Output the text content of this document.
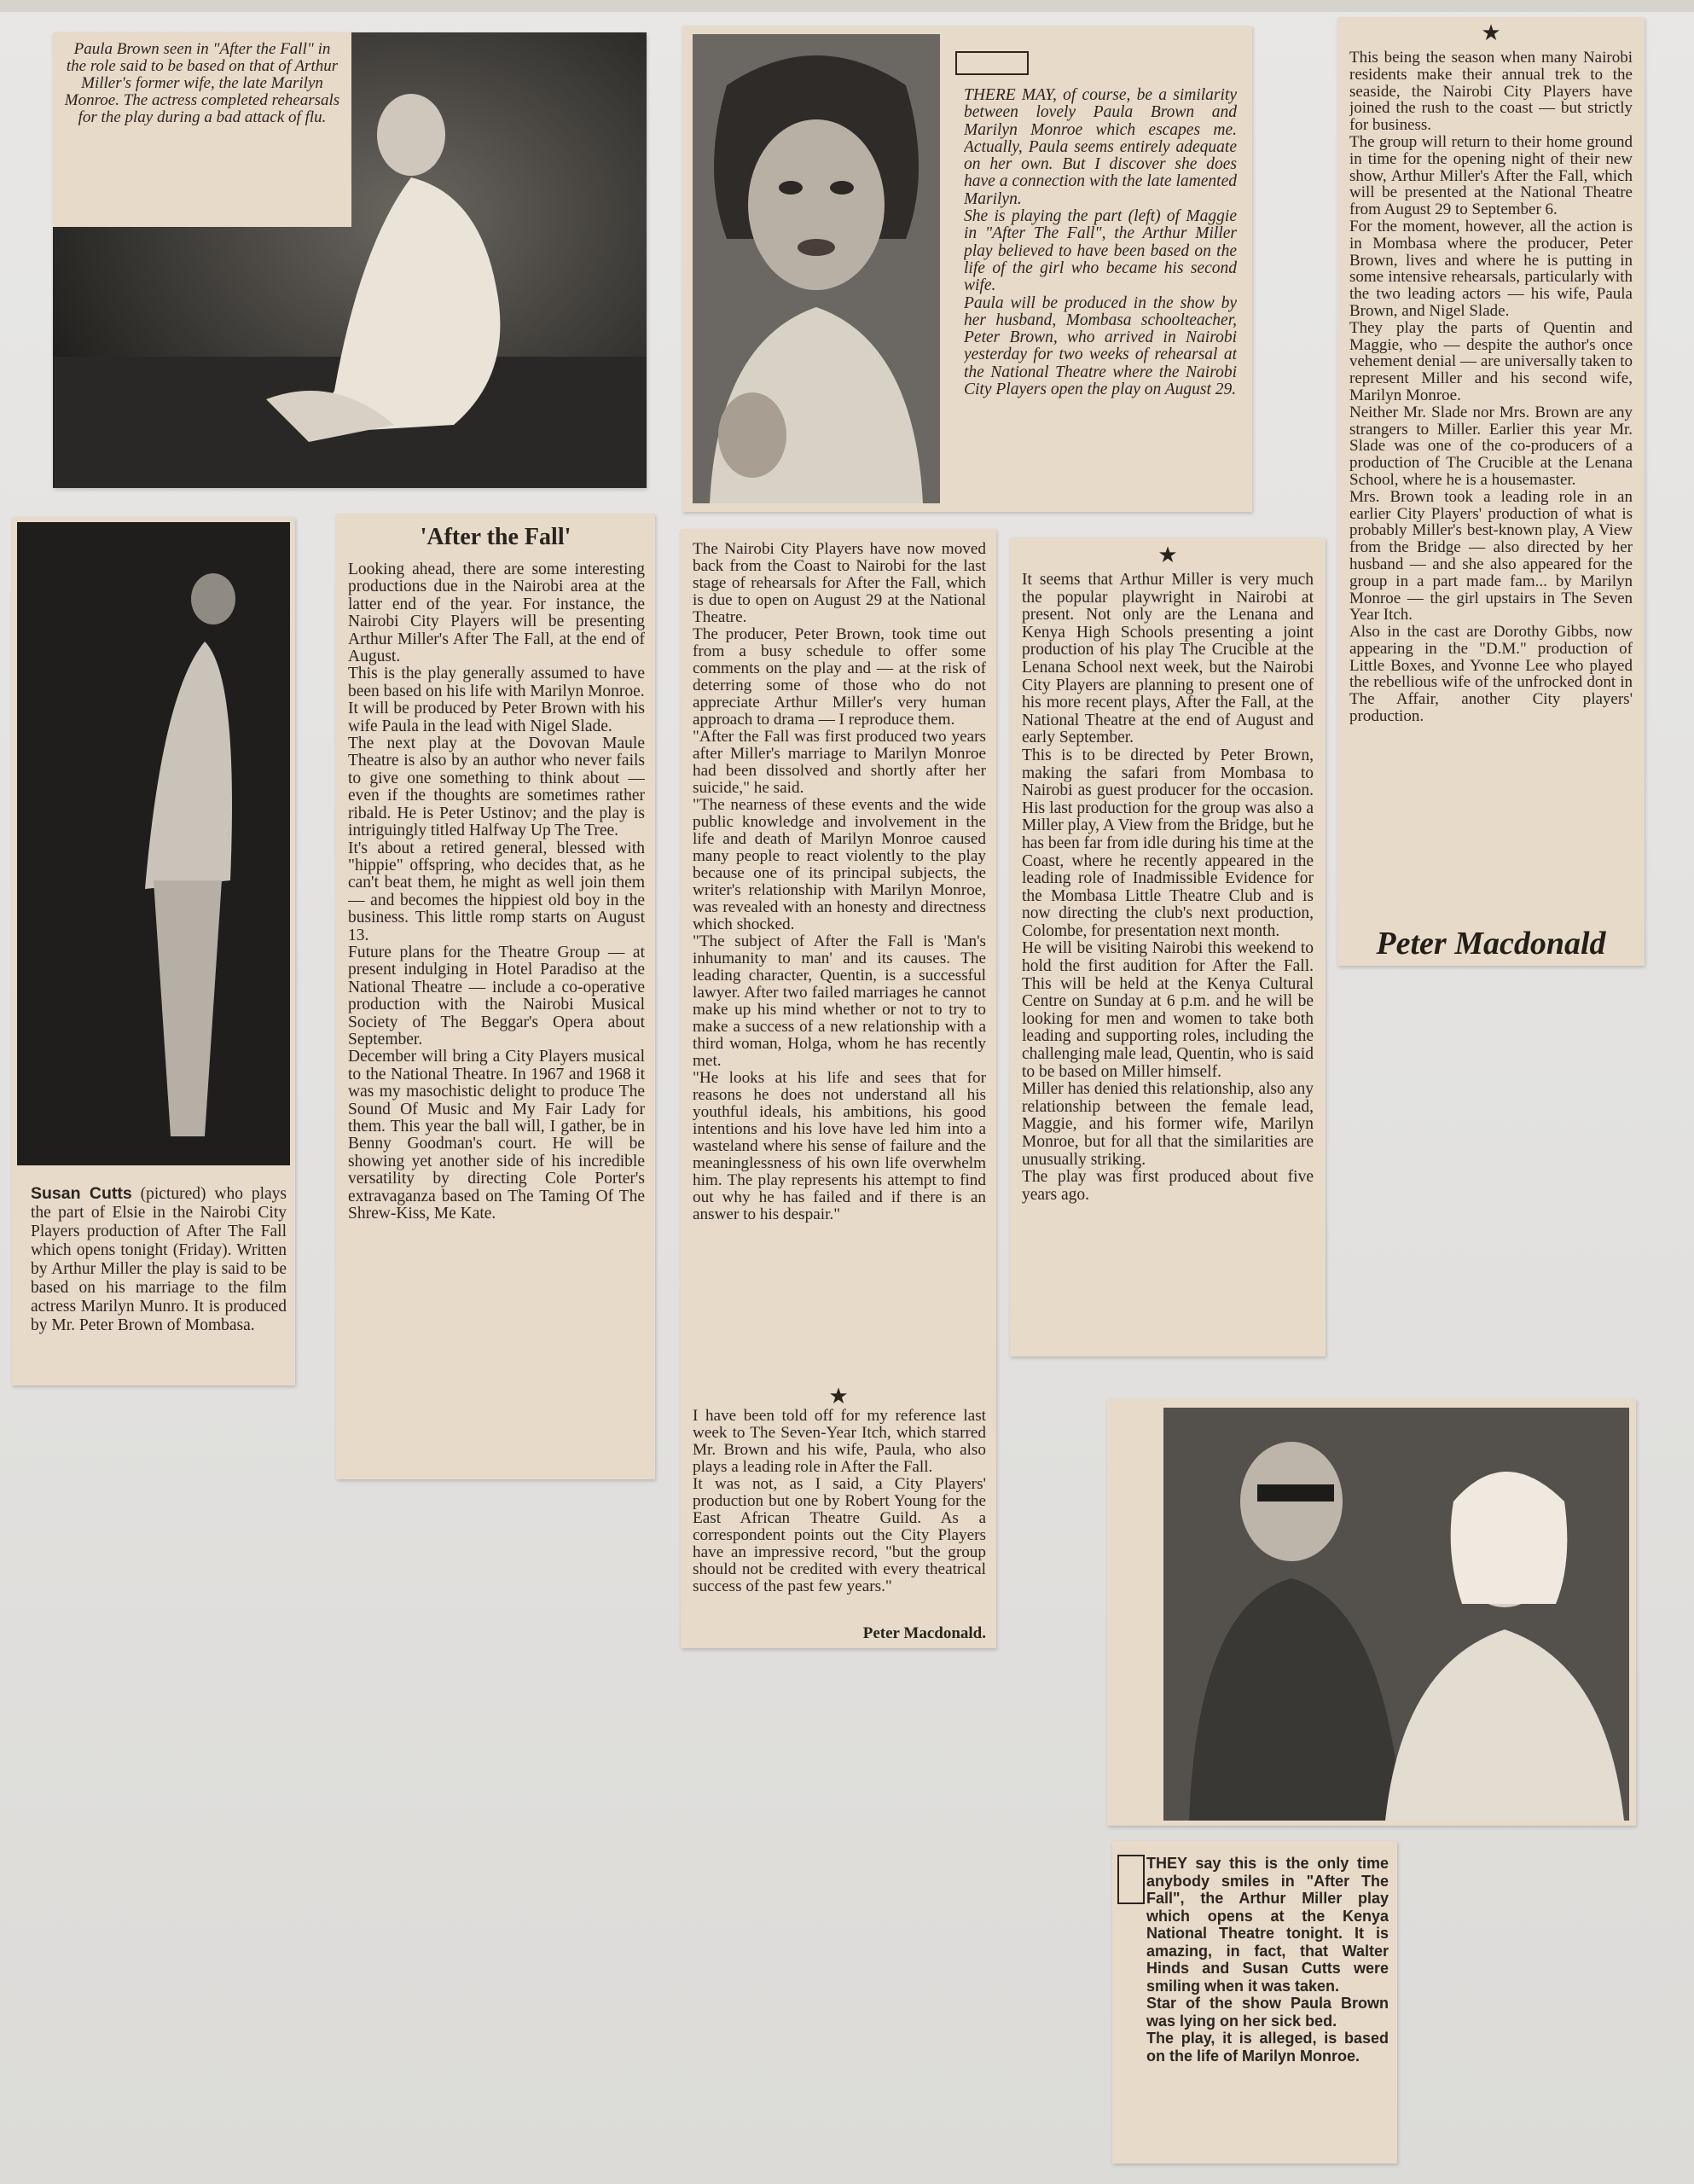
Paula Brown seen in "After the Fall" in the role said to be based on that of Arthur Miller's former wife, the late Marilyn Monroe. The actress completed rehearsals for the play during a bad attack of flu.
THERE MAY, of course, be a similarity between lovely Paula Brown and Marilyn Monroe which escapes me. Actually, Paula seems entirely adequate on her own. But I discover she does have a connection with the late lamented Marilyn.
She is playing the part (left) of Maggie in "After The Fall", the Arthur Miller play believed to have been based on the life of the girl who became his second wife.
Paula will be produced in the show by her husband, Mombasa schoolteacher, Peter Brown, who arrived in Nairobi yesterday for two weeks of rehearsal at the National Theatre where the Nairobi City Players open the play on August 29.
★
This being the season when many Nairobi residents make their annual trek to the seaside, the Nairobi City Players have joined the rush to the coast — but strictly for business.
The group will return to their home ground in time for the opening night of their new show, Arthur Miller's After the Fall, which will be presented at the National Theatre from August 29 to September 6.
For the moment, however, all the action is in Mombasa where the producer, Peter Brown, lives and where he is putting in some intensive rehearsals, particularly with the two leading actors — his wife, Paula Brown, and Nigel Slade.
They play the parts of Quentin and Maggie, who — despite the author's once vehement denial — are universally taken to represent Miller and his second wife, Marilyn Monroe.
Neither Mr. Slade nor Mrs. Brown are any strangers to Miller. Earlier this year Mr. Slade was one of the co-producers of a production of The Crucible at the Lenana School, where he is a housemaster.
Mrs. Brown took a leading role in an earlier City Players' production of what is probably Miller's best-known play, A View from the Bridge — also directed by her husband — and she also appeared for the group in a part made fam... by Marilyn Monroe — the girl upstairs in The Seven Year Itch.
Also in the cast are Dorothy Gibbs, now appearing in the "D.M." production of Little Boxes, and Yvonne Lee who played the rebellious wife of the unfrocked dont in The Affair, another City players' production.
Peter Macdonald
Susan Cutts (pictured) who plays the part of Elsie in the Nairobi City Players production of After The Fall which opens tonight (Friday). Written by Arthur Miller the play is said to be based on his marriage to the film actress Marilyn Munro. It is produced by Mr. Peter Brown of Mombasa.
'After the Fall'
Looking ahead, there are some interesting productions due in the Nairobi area at the latter end of the year. For instance, the Nairobi City Players will be presenting Arthur Miller's After The Fall, at the end of August.
This is the play generally assumed to have been based on his life with Marilyn Monroe.
It will be produced by Peter Brown with his wife Paula in the lead with Nigel Slade.
The next play at the Dovovan Maule Theatre is also by an author who never fails to give one something to think about — even if the thoughts are sometimes rather ribald. He is Peter Ustinov; and the play is intriguingly titled Halfway Up The Tree.
It's about a retired general, blessed with "hippie" offspring, who decides that, as he can't beat them, he might as well join them — and becomes the hippiest old boy in the business. This little romp starts on August 13.
Future plans for the Theatre Group — at present indulging in Hotel Paradiso at the National Theatre — include a co-operative production with the Nairobi Musical Society of The Beggar's Opera about September.
December will bring a City Players musical to the National Theatre. In 1967 and 1968 it was my masochistic delight to produce The Sound Of Music and My Fair Lady for them. This year the ball will, I gather, be in Benny Goodman's court. He will be showing yet another side of his incredible versatility by directing Cole Porter's extravaganza based on The Taming Of The Shrew-Kiss, Me Kate.
The Nairobi City Players have now moved back from the Coast to Nairobi for the last stage of rehearsals for After the Fall, which is due to open on August 29 at the National Theatre.
The producer, Peter Brown, took time out from a busy schedule to offer some comments on the play and — at the risk of deterring some of those who do not appreciate Arthur Miller's very human approach to drama — I reproduce them.
"After the Fall was first produced two years after Miller's marriage to Marilyn Monroe had been dissolved and shortly after her suicide," he said.
"The nearness of these events and the wide public knowledge and involvement in the life and death of Marilyn Monroe caused many people to react violently to the play because one of its principal subjects, the writer's relationship with Marilyn Monroe, was revealed with an honesty and directness which shocked.
"The subject of After the Fall is 'Man's inhumanity to man' and its causes. The leading character, Quentin, is a successful lawyer. After two failed marriages he cannot make up his mind whether or not to try to make a success of a new relationship with a third woman, Holga, whom he has recently met.
"He looks at his life and sees that for reasons he does not understand all his youthful ideals, his ambitions, his good intentions and his love have led him into a wasteland where his sense of failure and the meaninglessness of his own life overwhelm him. The play represents his attempt to find out why he has failed and if there is an answer to his despair."
★
I have been told off for my reference last week to The Seven-Year Itch, which starred Mr. Brown and his wife, Paula, who also plays a leading role in After the Fall.
It was not, as I said, a City Players' production but one by Robert Young for the East African Theatre Guild. As a correspondent points out the City Players have an impressive record, "but the group should not be credited with every theatrical success of the past few years."
Peter Macdonald.
★
It seems that Arthur Miller is very much the popular playwright in Nairobi at present. Not only are the Lenana and Kenya High Schools presenting a joint production of his play The Crucible at the Lenana School next week, but the Nairobi City Players are planning to present one of his more recent plays, After the Fall, at the National Theatre at the end of August and early September.
This is to be directed by Peter Brown, making the safari from Mombasa to Nairobi as guest producer for the occasion. His last production for the group was also a Miller play, A View from the Bridge, but he has been far from idle during his time at the Coast, where he recently appeared in the leading role of Inadmissible Evidence for the Mombasa Little Theatre Club and is now directing the club's next production, Colombe, for presentation next month.
He will be visiting Nairobi this weekend to hold the first audition for After the Fall. This will be held at the Kenya Cultural Centre on Sunday at 6 p.m. and he will be looking for men and women to take both leading and supporting roles, including the challenging male lead, Quentin, who is said to be based on Miller himself.
Miller has denied this relationship, also any relationship between the female lead, Maggie, and his former wife, Marilyn Monroe, but for all that the similarities are unusually striking.
The play was first produced about five years ago.
THEY say this is the only time anybody smiles in "After The Fall", the Arthur Miller play which opens at the Kenya National Theatre tonight. It is amazing, in fact, that Walter Hinds and Susan Cutts were smiling when it was taken.
Star of the show Paula Brown was lying on her sick bed.
The play, it is alleged, is based on the life of Marilyn Monroe.
